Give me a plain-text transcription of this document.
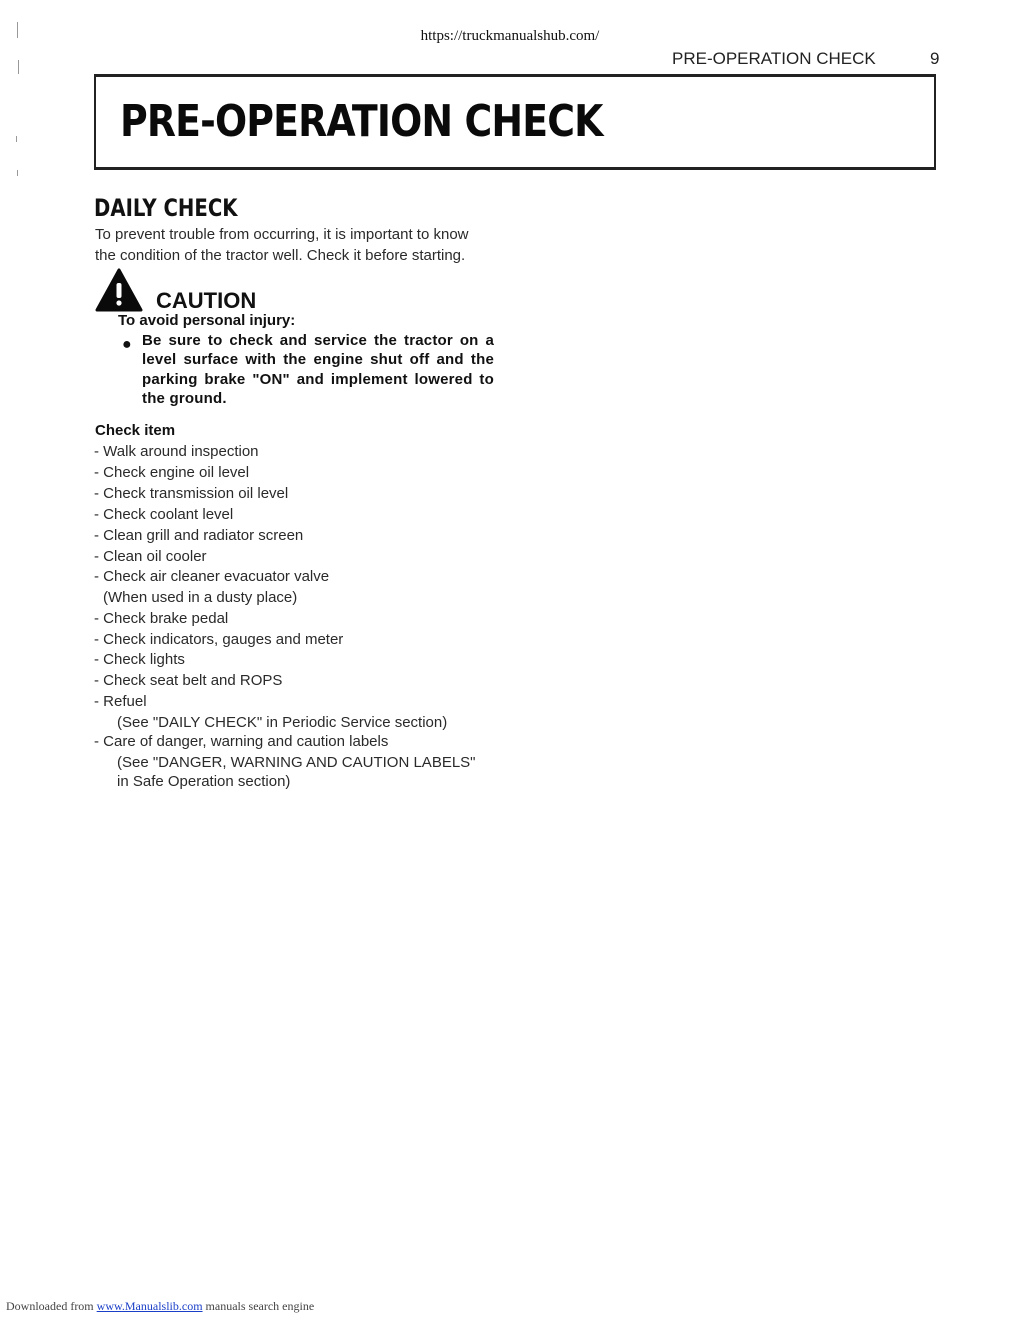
https://truckmanualshub.com/
PRE-OPERATION CHECK	9
PRE-OPERATION CHECK
DAILY CHECK
To prevent trouble from occurring, it is important to know
the condition of the tractor well. Check it before starting.
CAUTION
To avoid personal injury:
● Be sure to check and service the tractor on a level surface with the engine shut off and the parking brake "ON" and implement lowered to the ground.

Check item
- Walk around inspection
- Check engine oil level
- Check transmission oil level
- Check coolant level
- Clean grill and radiator screen
- Clean oil cooler
- Check air cleaner evacuator valve
(When used in a dusty place)
- Check brake pedal
- Check indicators, gauges and meter
- Check lights
- Check seat belt and ROPS
- Refuel
(See "DAILY CHECK" in Periodic Service section)
- Care of danger, warning and caution labels
(See "DANGER, WARNING AND CAUTION LABELS"
in Safe Operation section)
Downloaded from www.Manualslib.com manuals search engine
